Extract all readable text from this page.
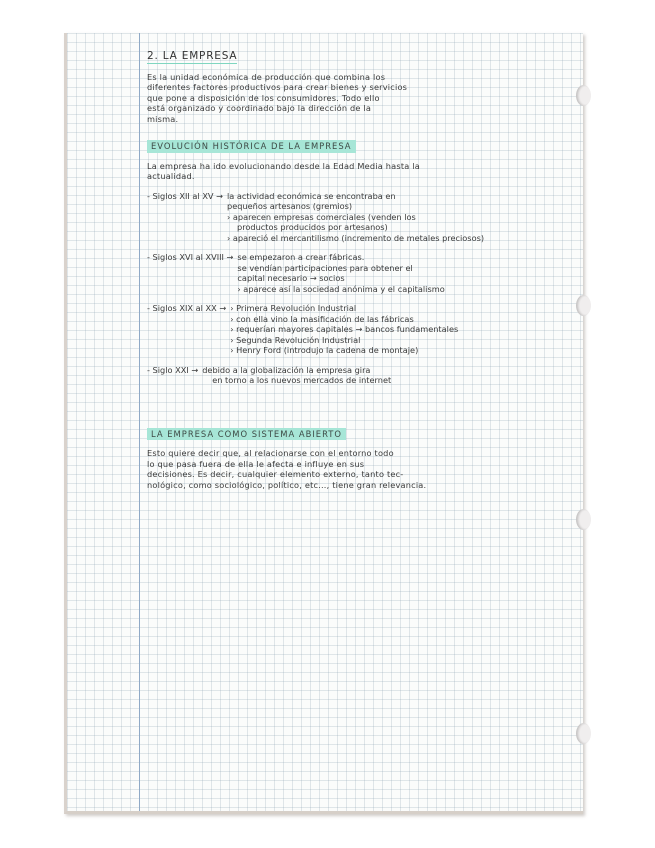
2. LA EMPRESA
Es la unidad económica de producción que combina los
diferentes factores productivos para crear bienes y servicios
que pone a disposición de los consumidores. Todo ello
está organizado y coordinado bajo la dirección de la
misma.
EVOLUCIÓN HISTÓRICA DE LA EMPRESA
La empresa ha ido evolucionando desde la Edad Media hasta la
actualidad.
- Siglos XII al XV → la actividad económica se encontraba en
pequeños artesanos (gremios)
› aparecen empresas comerciales (venden los
productos producidos por artesanos)
› apareció el mercantilismo (incremento de metales preciosos)
- Siglos XVI al XVIII → se empezaron a crear fábricas.
se vendían participaciones para obtener el
capital necesario → socios
› aparece así la sociedad anónima y el capitalismo
- Siglos XIX al XX → › Primera Revolución Industrial
› con ella vino la masificación de las fábricas
› requerían mayores capitales → bancos fundamentales
› Segunda Revolución Industrial
› Henry Ford (introdujo la cadena de montaje)
- Siglo XXI → debido a la globalización la empresa gira
en torno a los nuevos mercados de internet
LA EMPRESA COMO SISTEMA ABIERTO
Esto quiere decir que, al relacionarse con el entorno todo
lo que pasa fuera de ella le afecta e influye en sus
decisiones. Es decir, cualquier elemento externo, tanto tec-
nológico, como sociológico, político, etc..., tiene gran relevancia.
